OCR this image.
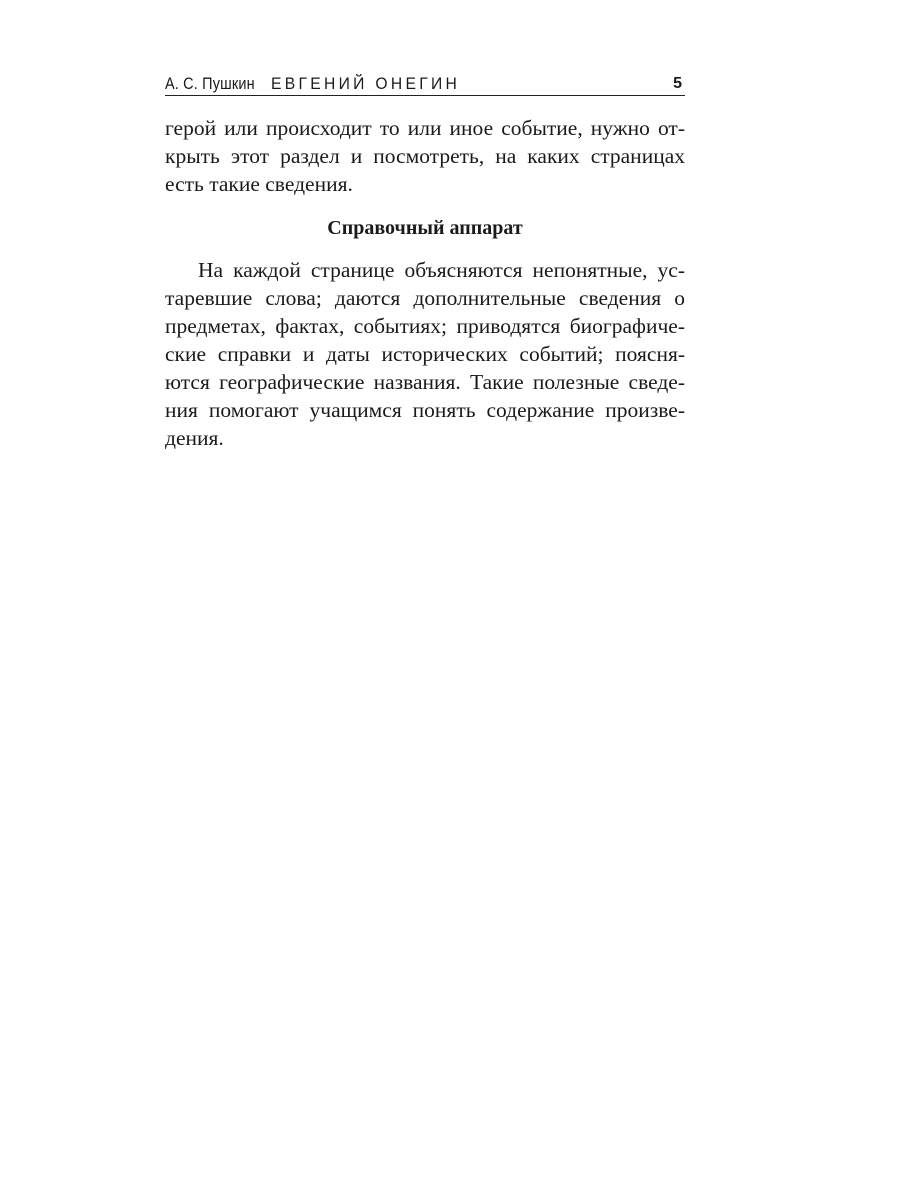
А. С. Пушкин ЕВГЕНИЙ ОНЕГИН	5
герой или происходит то или иное событие, нужно от-
крыть этот раздел и посмотреть, на каких страницах
есть такие сведения.
Справочный аппарат
На каждой странице объясняются непонятные, ус-
таревшие слова; даются дополнительные сведения о
предметах, фактах, событиях; приводятся биографиче-
ские справки и даты исторических событий; поясня-
ются географические названия. Такие полезные сведе-
ния помогают учащимся понять содержание произве-
дения.
